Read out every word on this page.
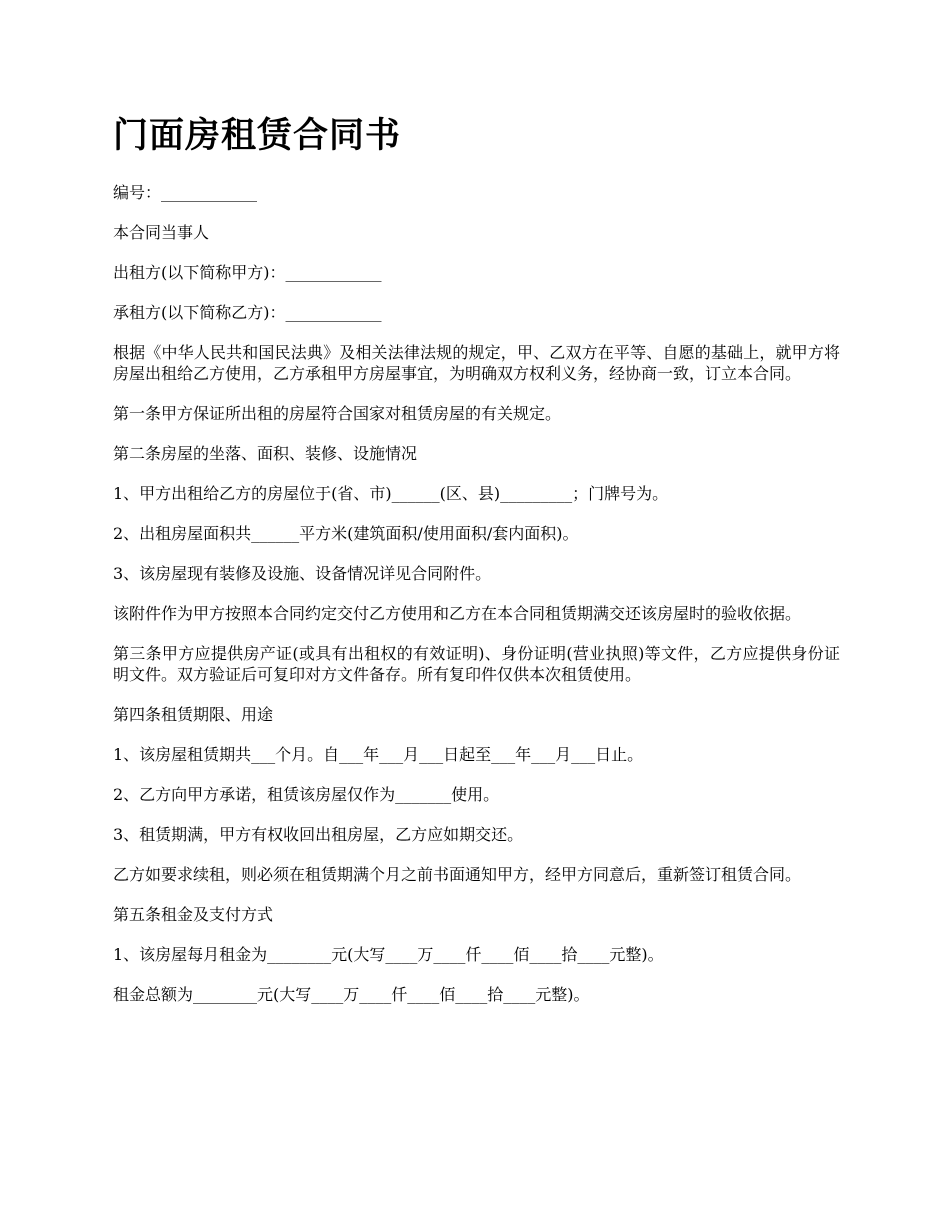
门面房租赁合同书

编号：____________

本合同当事人

出租方(以下简称甲方)：____________

承租方(以下简称乙方)：____________

根据《中华人民共和国民法典》及相关法律法规的规定，甲、乙双方在平等、自愿的基础上，就甲方将房屋出租给乙方使用，乙方承租甲方房屋事宜，为明确双方权利义务，经协商一致，订立本合同。

第一条甲方保证所出租的房屋符合国家对租赁房屋的有关规定。

第二条房屋的坐落、面积、装修、设施情况

1、甲方出租给乙方的房屋位于(省、市)______(区、县)_________；门牌号为。

2、出租房屋面积共______平方米(建筑面积/使用面积/套内面积)。

3、该房屋现有装修及设施、设备情况详见合同附件。

该附件作为甲方按照本合同约定交付乙方使用和乙方在本合同租赁期满交还该房屋时的验收依据。

第三条甲方应提供房产证(或具有出租权的有效证明)、身份证明(营业执照)等文件，乙方应提供身份证明文件。双方验证后可复印对方文件备存。所有复印件仅供本次租赁使用。

第四条租赁期限、用途

1、该房屋租赁期共___个月。自___年___月___日起至___年___月___日止。

2、乙方向甲方承诺，租赁该房屋仅作为_______使用。

3、租赁期满，甲方有权收回出租房屋，乙方应如期交还。

乙方如要求续租，则必须在租赁期满个月之前书面通知甲方，经甲方同意后，重新签订租赁合同。

第五条租金及支付方式

1、该房屋每月租金为________元(大写____万____仟____佰____拾____元整)。

租金总额为________元(大写____万____仟____佰____拾____元整)。
